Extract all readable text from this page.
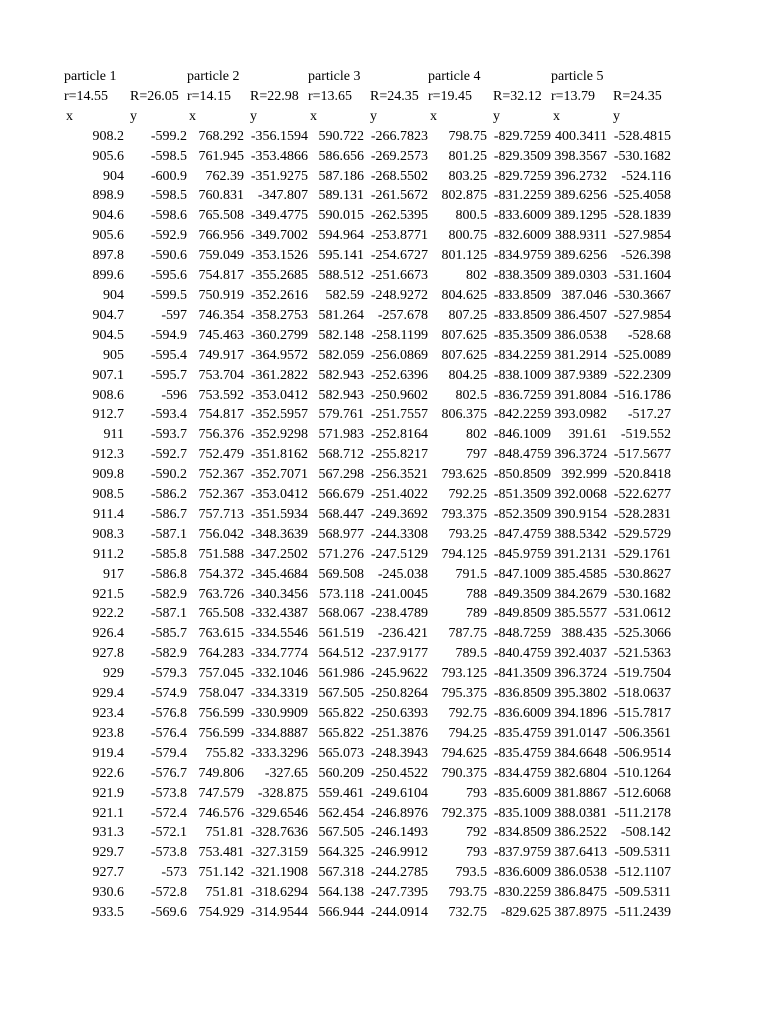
particle 1		particle 2		particle 3		particle 4		particle 5	
r=14.55	R=26.05	r=14.15	R=22.98	r=13.65	R=24.35	r=19.45	R=32.12	r=13.79	R=24.35
x	y	x	y	x	y	x	y	x	y
908.2	-599.2	768.292	-356.1594	590.722	-266.7823	798.75	-829.7259	400.3411	-528.4815
905.6	-598.5	761.945	-353.4866	586.656	-269.2573	801.25	-829.3509	398.3567	-530.1682
904	-600.9	762.39	-351.9275	587.186	-268.5502	803.25	-829.7259	396.2732	-524.116
898.9	-598.5	760.831	-347.807	589.131	-261.5672	802.875	-831.2259	389.6256	-525.4058
904.6	-598.6	765.508	-349.4775	590.015	-262.5395	800.5	-833.6009	389.1295	-528.1839
905.6	-592.9	766.956	-349.7002	594.964	-253.8771	800.75	-832.6009	388.9311	-527.9854
897.8	-590.6	759.049	-353.1526	595.141	-254.6727	801.125	-834.9759	389.6256	-526.398
899.6	-595.6	754.817	-355.2685	588.512	-251.6673	802	-838.3509	389.0303	-531.1604
904	-599.5	750.919	-352.2616	582.59	-248.9272	804.625	-833.8509	387.046	-530.3667
904.7	-597	746.354	-358.2753	581.264	-257.678	807.25	-833.8509	386.4507	-527.9854
904.5	-594.9	745.463	-360.2799	582.148	-258.1199	807.625	-835.3509	386.0538	-528.68
905	-595.4	749.917	-364.9572	582.059	-256.0869	807.625	-834.2259	381.2914	-525.0089
907.1	-595.7	753.704	-361.2822	582.943	-252.6396	804.25	-838.1009	387.9389	-522.2309
908.6	-596	753.592	-353.0412	582.943	-250.9602	802.5	-836.7259	391.8084	-516.1786
912.7	-593.4	754.817	-352.5957	579.761	-251.7557	806.375	-842.2259	393.0982	-517.27
911	-593.7	756.376	-352.9298	571.983	-252.8164	802	-846.1009	391.61	-519.552
912.3	-592.7	752.479	-351.8162	568.712	-255.8217	797	-848.4759	396.3724	-517.5677
909.8	-590.2	752.367	-352.7071	567.298	-256.3521	793.625	-850.8509	392.999	-520.8418
908.5	-586.2	752.367	-353.0412	566.679	-251.4022	792.25	-851.3509	392.0068	-522.6277
911.4	-586.7	757.713	-351.5934	568.447	-249.3692	793.375	-852.3509	390.9154	-528.2831
908.3	-587.1	756.042	-348.3639	568.977	-244.3308	793.25	-847.4759	388.5342	-529.5729
911.2	-585.8	751.588	-347.2502	571.276	-247.5129	794.125	-845.9759	391.2131	-529.1761
917	-586.8	754.372	-345.4684	569.508	-245.038	791.5	-847.1009	385.4585	-530.8627
921.5	-582.9	763.726	-340.3456	573.118	-241.0045	788	-849.3509	384.2679	-530.1682
922.2	-587.1	765.508	-332.4387	568.067	-238.4789	789	-849.8509	385.5577	-531.0612
926.4	-585.7	763.615	-334.5546	561.519	-236.421	787.75	-848.7259	388.435	-525.3066
927.8	-582.9	764.283	-334.7774	564.512	-237.9177	789.5	-840.4759	392.4037	-521.5363
929	-579.3	757.045	-332.1046	561.986	-245.9622	793.125	-841.3509	396.3724	-519.7504
929.4	-574.9	758.047	-334.3319	567.505	-250.8264	795.375	-836.8509	395.3802	-518.0637
923.4	-576.8	756.599	-330.9909	565.822	-250.6393	792.75	-836.6009	394.1896	-515.7817
923.8	-576.4	756.599	-334.8887	565.822	-251.3876	794.25	-835.4759	391.0147	-506.3561
919.4	-579.4	755.82	-333.3296	565.073	-248.3943	794.625	-835.4759	384.6648	-506.9514
922.6	-576.7	749.806	-327.65	560.209	-250.4522	790.375	-834.4759	382.6804	-510.1264
921.9	-573.8	747.579	-328.875	559.461	-249.6104	793	-835.6009	381.8867	-512.6068
921.1	-572.4	746.576	-329.6546	562.454	-246.8976	792.375	-835.1009	388.0381	-511.2178
931.3	-572.1	751.81	-328.7636	567.505	-246.1493	792	-834.8509	386.2522	-508.142
929.7	-573.8	753.481	-327.3159	564.325	-246.9912	793	-837.9759	387.6413	-509.5311
927.7	-573	751.142	-321.1908	567.318	-244.2785	793.5	-836.6009	386.0538	-512.1107
930.6	-572.8	751.81	-318.6294	564.138	-247.7395	793.75	-830.2259	386.8475	-509.5311
933.5	-569.6	754.929	-314.9544	566.944	-244.0914	732.75	-829.625	387.8975	-511.2439
